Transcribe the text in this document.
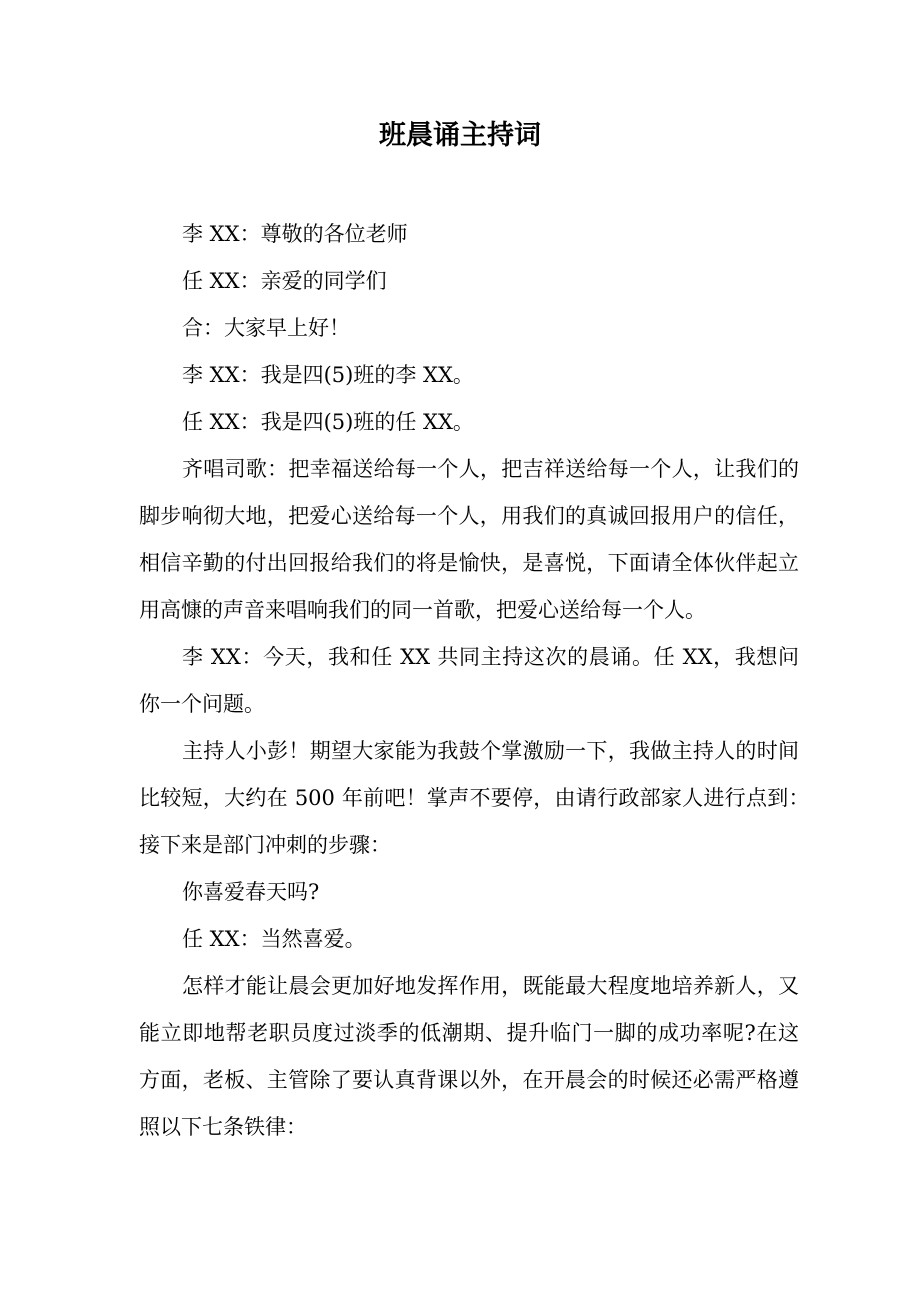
班晨诵主持词

李 XX：尊敬的各位老师

任 XX：亲爱的同学们

合：大家早上好！

李 XX：我是四(5)班的李 XX。

任 XX：我是四(5)班的任 XX。

齐唱司歌：把幸福送给每一个人，把吉祥送给每一个人，让我们的脚步响彻大地，把爱心送给每一个人，用我们的真诚回报用户的信任，相信辛勤的付出回报给我们的将是愉快，是喜悦，下面请全体伙伴起立用高慷的声音来唱响我们的同一首歌，把爱心送给每一个人。

李 XX：今天，我和任 XX 共同主持这次的晨诵。任 XX，我想问你一个问题。

主持人小彭！期望大家能为我鼓个掌激励一下，我做主持人的时间比较短，大约在 500 年前吧！掌声不要停，由请行政部家人进行点到：　 接下来是部门冲刺的步骤：

你喜爱春天吗?

任 XX：当然喜爱。

怎样才能让晨会更加好地发挥作用，既能最大程度地培养新人，又能立即地帮老职员度过淡季的低潮期、提升临门一脚的成功率呢?在这方面，老板、主管除了要认真背课以外，在开晨会的时候还必需严格遵照以下七条铁律：
